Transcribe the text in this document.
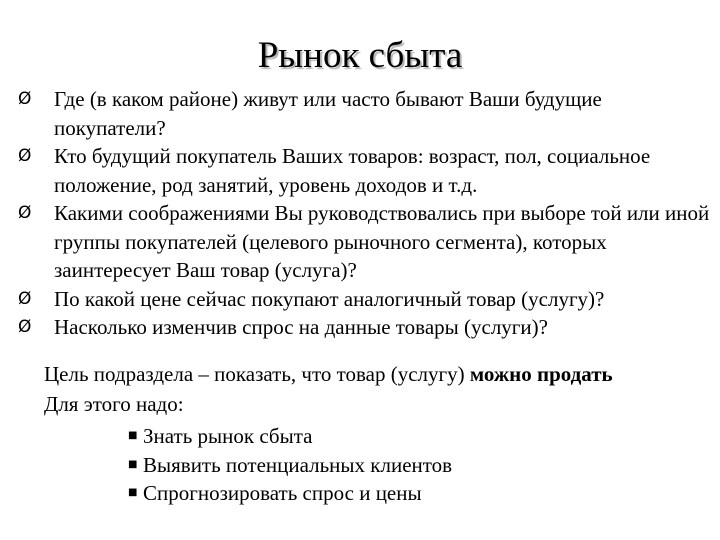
Рынок сбыта
Ø	Где (в каком районе) живут или часто бывают Ваши будущие покупатели?
Ø	Кто будущий покупатель Ваших товаров: возраст, пол, социальное положение, род занятий, уровень доходов и т.д.
Ø	Какими соображениями Вы руководствовались при выборе той или иной группы покупателей (целевого рыночного сегмента), которых заинтересует Ваш товар (услуга)?
Ø	По какой цене сейчас покупают аналогичный товар (услугу)?
Ø	Насколько изменчив спрос на данные товары (услуги)?
Цель подраздела – показать, что товар (услугу) можно продать
Для этого надо:
■ Знать рынок сбыта
■ Выявить потенциальных клиентов
■ Спрогнозировать спрос и цены
